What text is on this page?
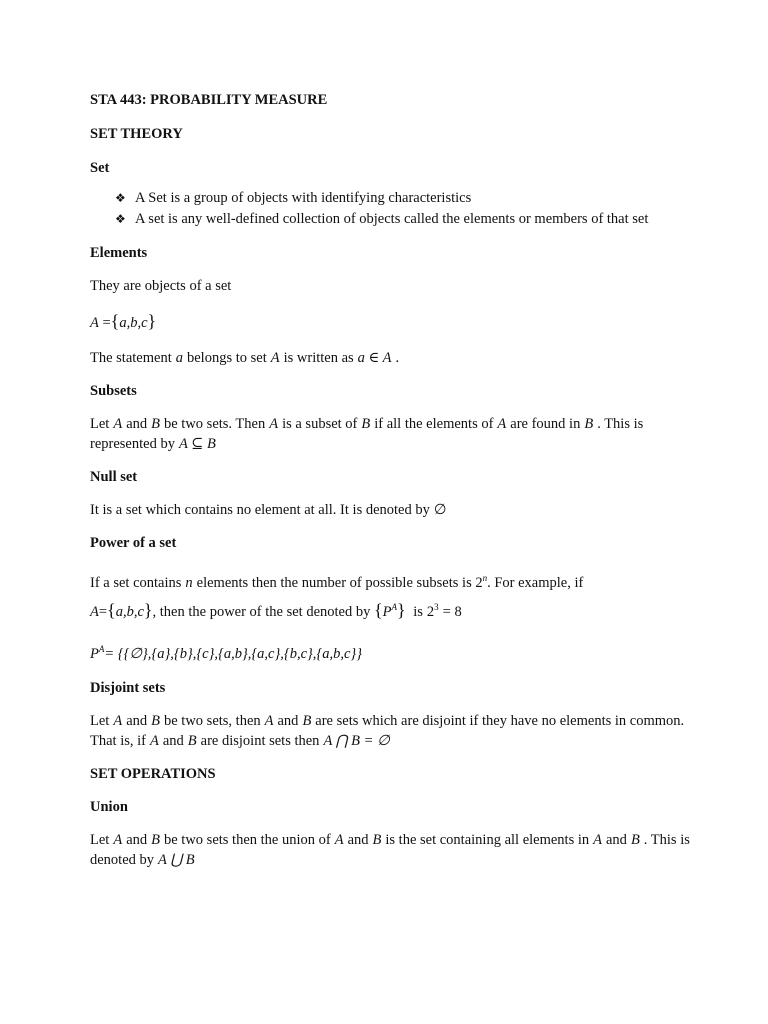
STA 443: PROBABILITY MEASURE
SET THEORY
Set
❖ A Set is a group of objects with identifying characteristics
❖ A set is any well-defined collection of objects called the elements or members of that set
Elements

They are objects of a set

A ={a,b,c}

The statement a belongs to set A is written as a ∈ A .

Subsets

Let A and B be two sets. Then A is a subset of B if all the elements of A are found in B . This is represented by A ⊆ B

Null set

It is a set which contains no element at all. It is denoted by ∅

Power of a set

If a set contains n elements then the number of possible subsets is 2$^n$. For example, if
A={a,b,c}, then the power of the set denoted by $\{P^A\}$ is $2^3 = 8$

$P^A=$ {{∅},{a},{b},{c},{a,b},{a,c},{b,c},{a,b,c}}

Disjoint sets

Let A and B be two sets, then A and B are sets which are disjoint if they have no elements in common. That is, if A and B are disjoint sets then A ⋂ B = ∅

SET OPERATIONS
Union

Let A and B be two sets then the union of A and B is the set containing all elements in A and B . This is denoted by A ⋃ B
